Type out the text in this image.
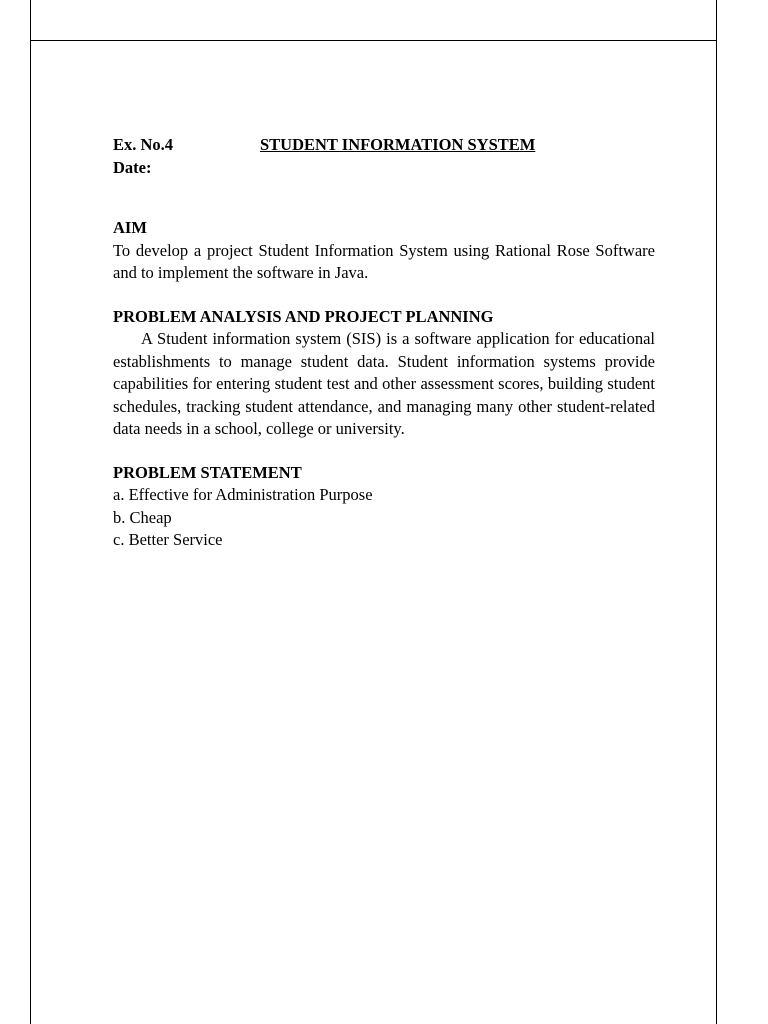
Ex. No.4	STUDENT INFORMATION SYSTEM
Date:

AIM

To develop a project Student Information System using Rational Rose Software and to implement the software in Java.

PROBLEM ANALYSIS AND PROJECT PLANNING

A Student information system (SIS) is a software application for educational establishments to manage student data. Student information systems provide capabilities for entering student test and other assessment scores, building student schedules, tracking student attendance, and managing many other student-related data needs in a school, college or university.

PROBLEM STATEMENT

a. Effective for Administration Purpose

b. Cheap

c. Better Service
